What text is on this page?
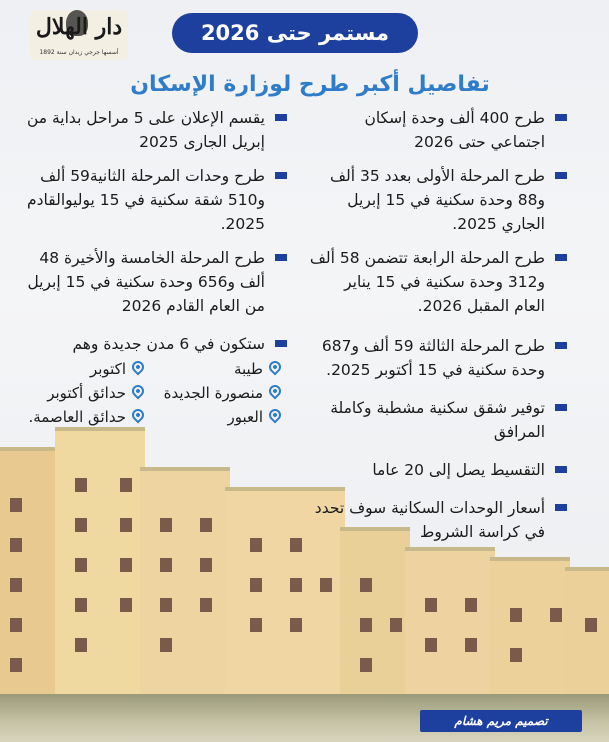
دار الهلال
أسسها جرجي زيدان سنة 1892
مستمر حتى 2026
تفاصيل أكبر طرح لوزارة الإسكان
طرح 400 ألف وحدة إسكان اجتماعي حتى 2026
طرح المرحلة الأولى بعدد 35 ألف و88 وحدة سكنية في 15 إبريل الجاري 2025.
طرح المرحلة الرابعة تتضمن 58 ألف و312 وحدة سكنية في 15 يناير العام المقبل 2026.
طرح المرحلة الثالثة 59 ألف و687 وحدة سكنية في 15 أكتوبر 2025.
توفير شقق سكنية مشطبة وكاملة المرافق
التقسيط يصل إلى 20 عاما
أسعار الوحدات السكانية سوف تحدد في كراسة الشروط
يقسم الإعلان على 5 مراحل بداية من إبريل الجارى 2025
طرح وحدات المرحلة الثانية59 ألف و510 شقة سكنية في 15 يوليوالقادم 2025.
طرح المرحلة الخامسة والأخيرة 48 ألف و656 وحدة سكنية في 15 إبريل من العام القادم 2026
ستكون في 6 مدن جديدة وهم
طيبة
اكتوبر
منصورة الجديدة
حدائق أكتوبر
العبور
حدائق العاصمة.
تصميم مريم هشام
